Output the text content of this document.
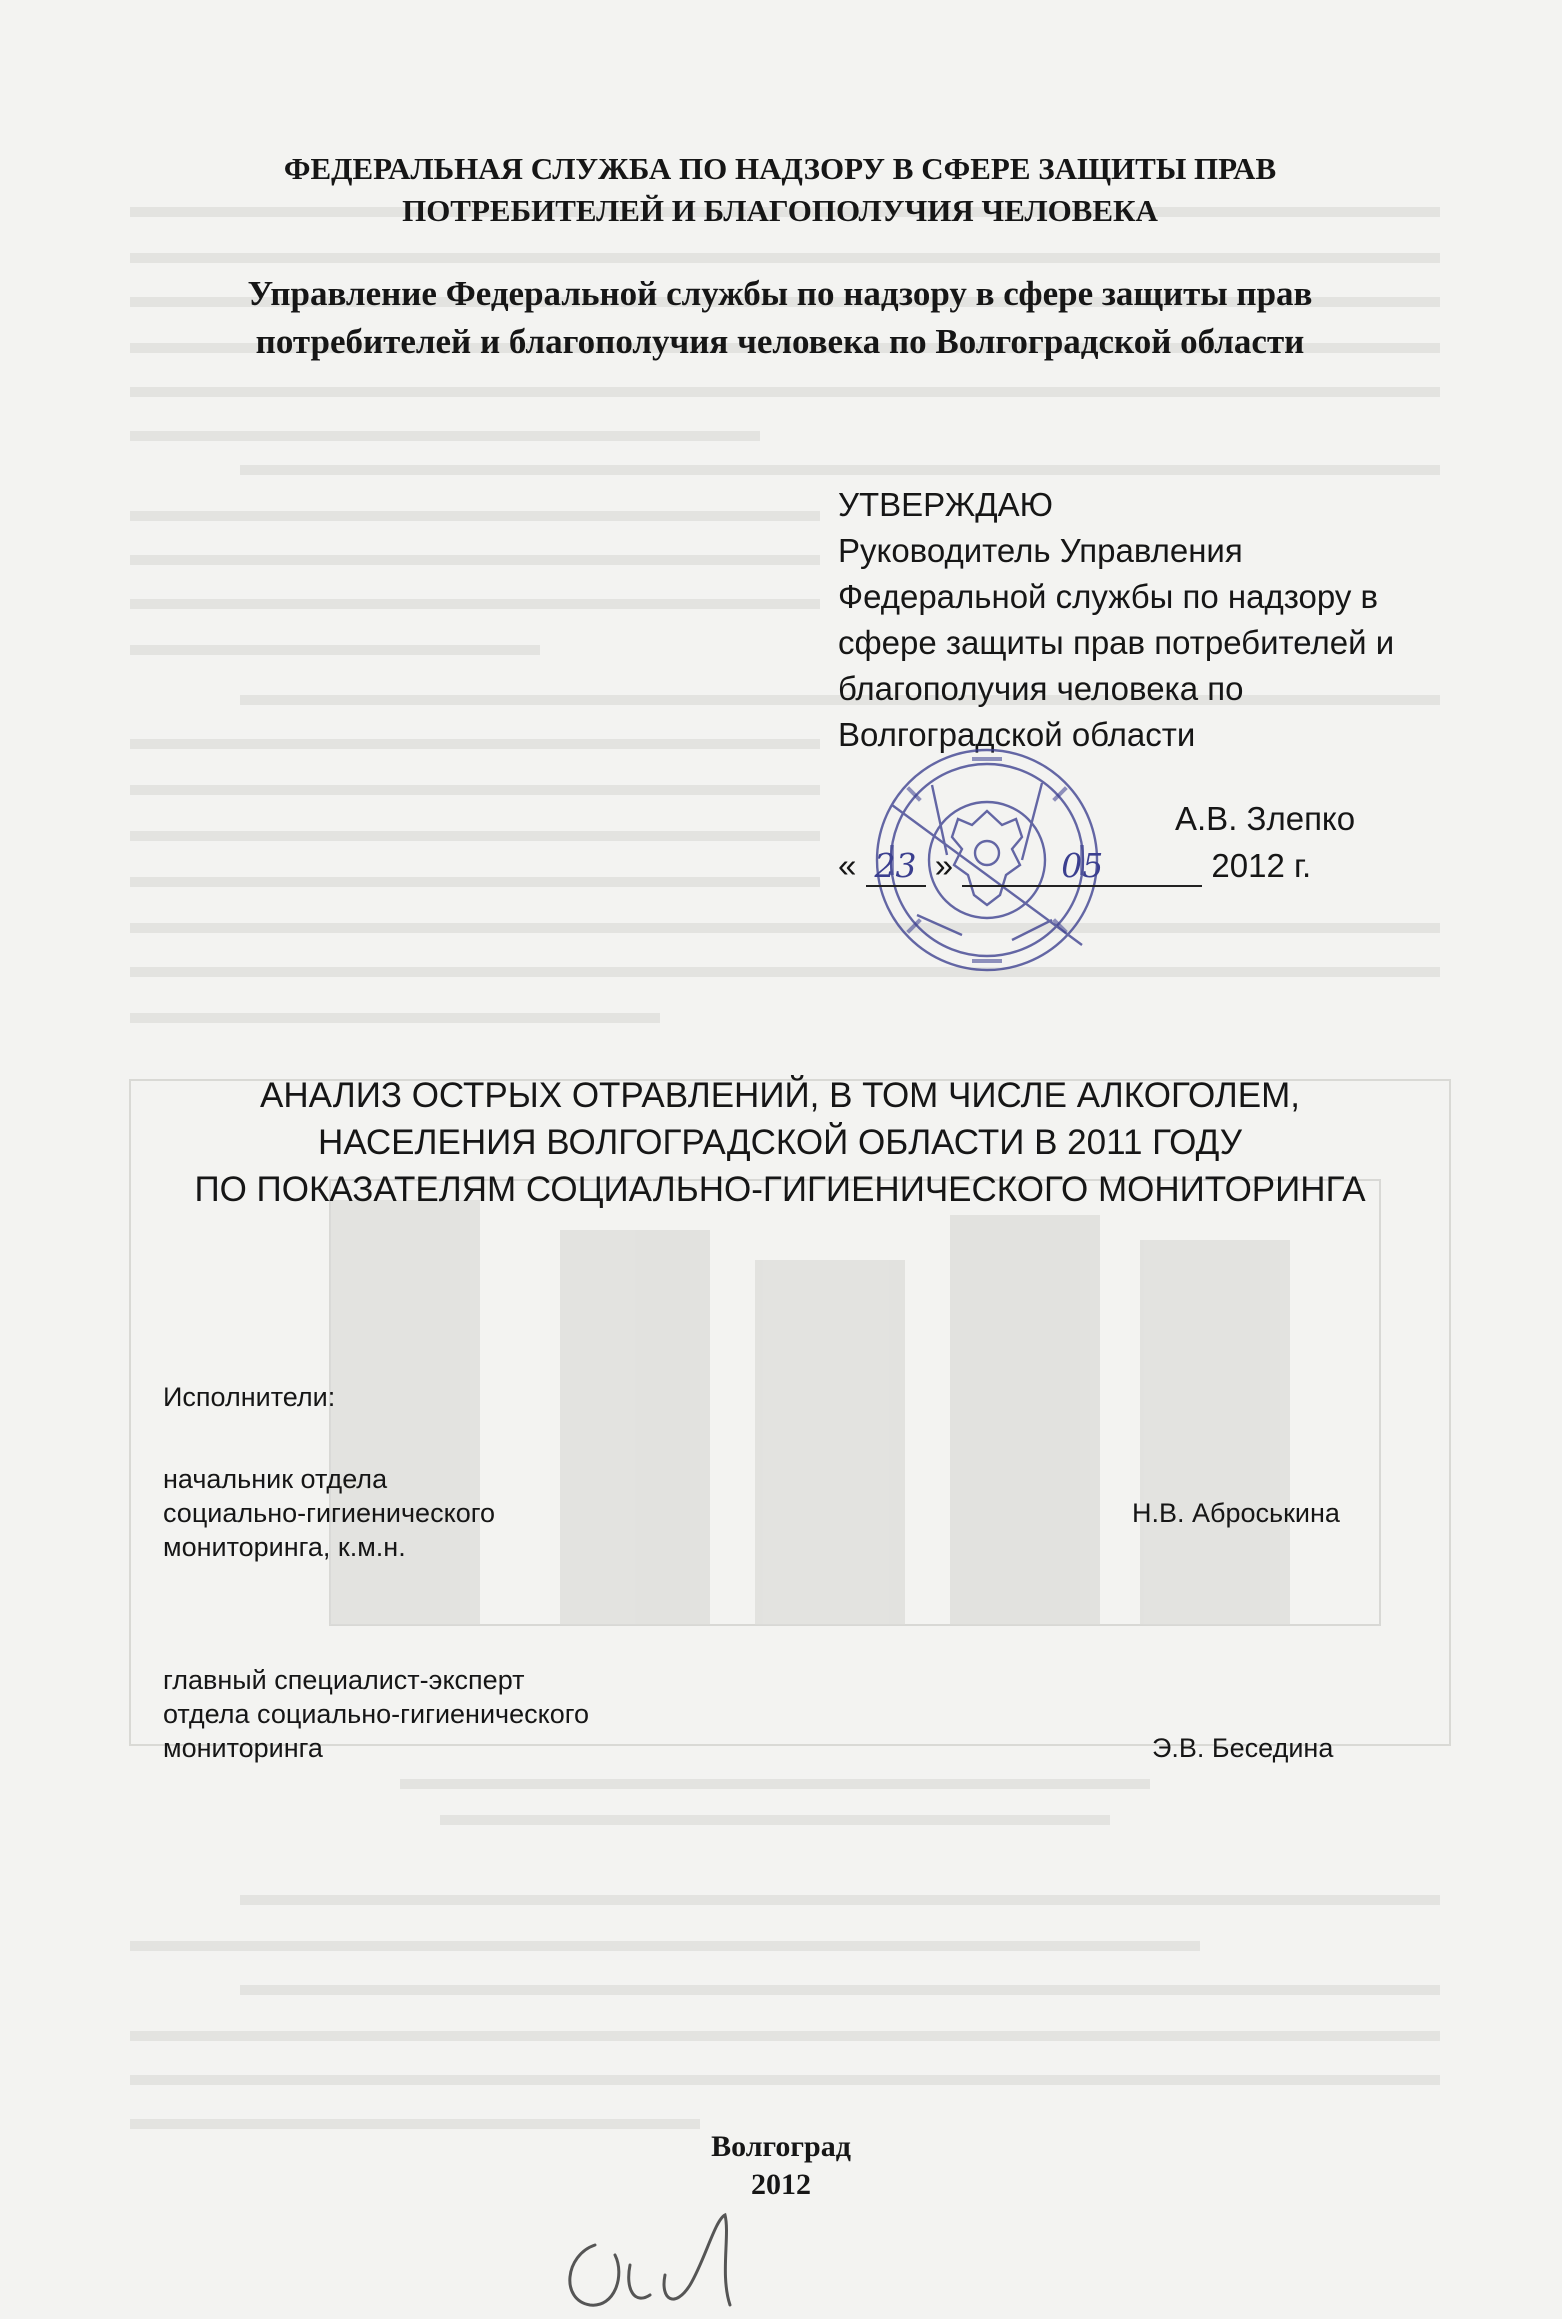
ФЕДЕРАЛЬНАЯ СЛУЖБА ПО НАДЗОРУ В СФЕРЕ ЗАЩИТЫ ПРАВ
ПОТРЕБИТЕЛЕЙ И БЛАГОПОЛУЧИЯ ЧЕЛОВЕКА
Управление Федеральной службы по надзору в сфере защиты прав
потребителей и благополучия человека по Волгоградской области
УТВЕРЖДАЮ
Руководитель Управления
Федеральной службы по надзору в
сфере защиты прав потребителей и
благополучия человека по
Волгоградской области
А.В. Злепко
« 23 »	05	2012 г.
АНАЛИЗ ОСТРЫХ ОТРАВЛЕНИЙ, В ТОМ ЧИСЛЕ АЛКОГОЛЕМ,
НАСЕЛЕНИЯ ВОЛГОГРАДСКОЙ ОБЛАСТИ В 2011 ГОДУ
ПО ПОКАЗАТЕЛЯМ СОЦИАЛЬНО-ГИГИЕНИЧЕСКОГО МОНИТОРИНГА
Исполнители:
начальник отдела
социально-гигиенического
мониторинга, к.м.н.
Н.В. Аброськина
главный специалист-эксперт
отдела социально-гигиенического
мониторинга	Э.В. Беседина
Волгоград
2012
